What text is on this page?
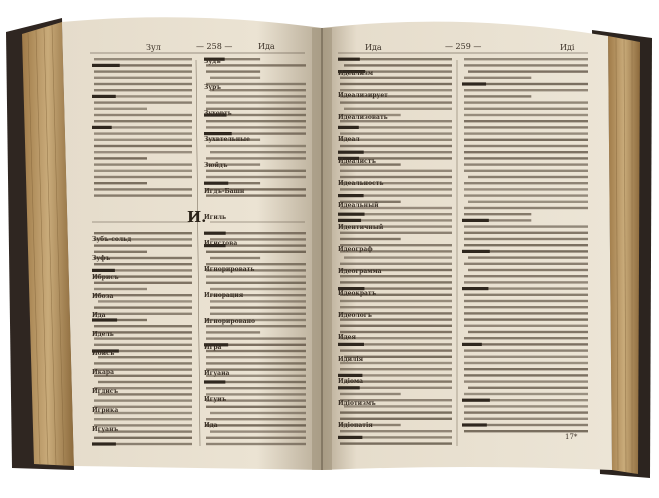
Зул	— 258 —	Ида	Ида	— 259 —	Иді
И.
17*
Зубъ-сольд
Зуфъ
Ибрисъ
Ибоза
Ида
Идель
Ибисъ
Икара
Игдисъ
Игрика
Игуанъ
Зудъ
Зуръ
Зухорть
Зухвтельные
Зюйдъ
Игдъ-Башн
Игиль
Игистова
Игнорировать
Игнорация
Игнорировано
Игра
Игуаиа
Игуиъ
Ида
Идеализм
Идеализирует
Идеализовать
Идеал
Идеалистъ
Идеальность
Идеальный
Идентичный
Идеограф
Идеограмма
Идеократъ
Идеологъ
Идея
Идилія
Идіома
Идіотизмъ
Идіопатія
